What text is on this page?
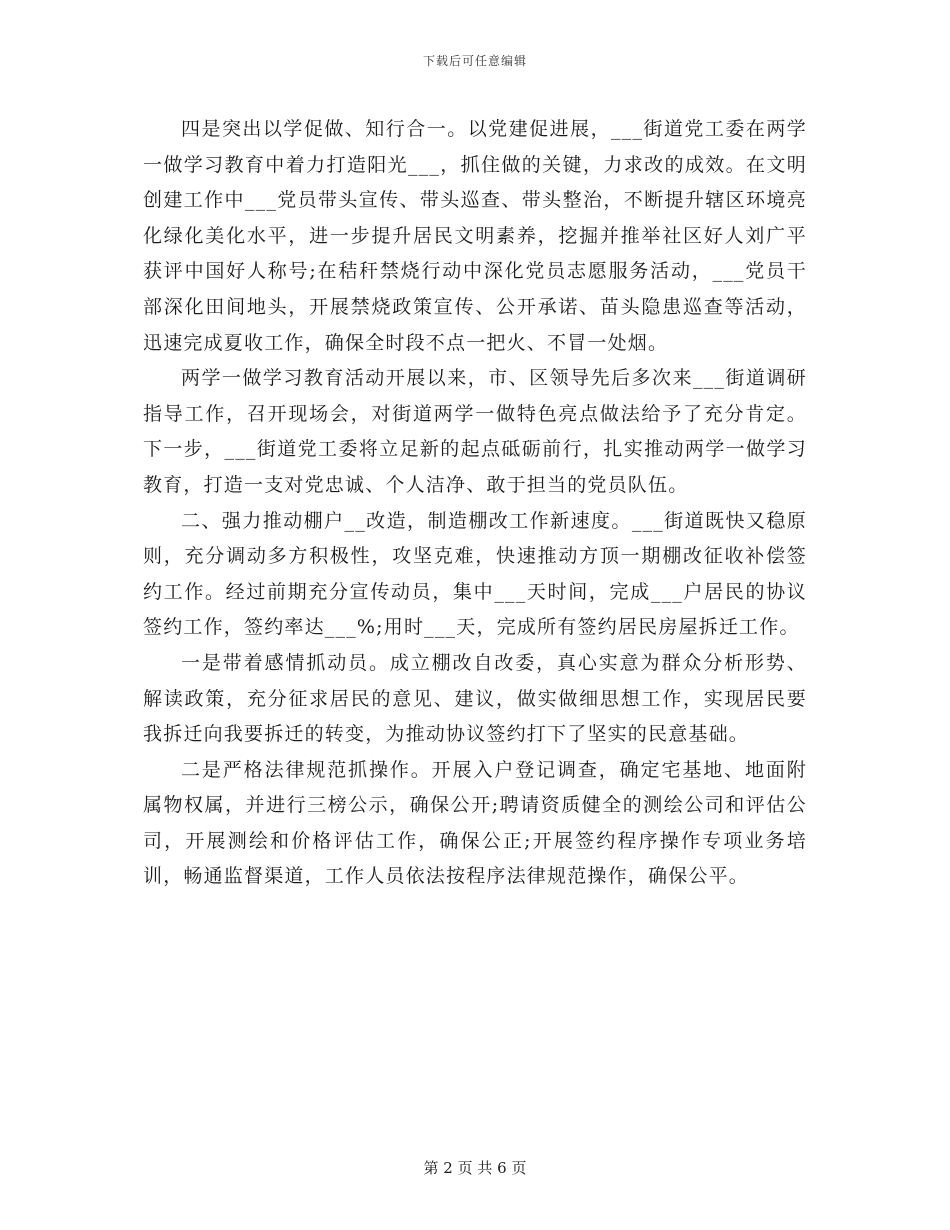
下载后可任意编辑

四是突出以学促做、知行合一。以党建促进展，___街道党工委在两学一做学习教育中着力打造阳光___，抓住做的关键，力求改的成效。在文明创建工作中___党员带头宣传、带头巡查、带头整治，不断提升辖区环境亮化绿化美化水平，进一步提升居民文明素养，挖掘并推举社区好人刘广平获评中国好人称号;在秸秆禁烧行动中深化党员志愿服务活动，___党员干部深化田间地头，开展禁烧政策宣传、公开承诺、苗头隐患巡查等活动，迅速完成夏收工作，确保全时段不点一把火、不冒一处烟。

两学一做学习教育活动开展以来，市、区领导先后多次来___街道调研指导工作，召开现场会，对街道两学一做特色亮点做法给予了充分肯定。下一步，___街道党工委将立足新的起点砥砺前行，扎实推动两学一做学习教育，打造一支对党忠诚、个人洁净、敢于担当的党员队伍。

二、强力推动棚户__改造，制造棚改工作新速度。___街道既快又稳原则，充分调动多方积极性，攻坚克难，快速推动方顶一期棚改征收补偿签约工作。经过前期充分宣传动员，集中___天时间，完成___户居民的协议签约工作，签约率达___%;用时___天，完成所有签约居民房屋拆迁工作。

一是带着感情抓动员。成立棚改自改委，真心实意为群众分析形势、解读政策，充分征求居民的意见、建议，做实做细思想工作，实现居民要我拆迁向我要拆迁的转变，为推动协议签约打下了坚实的民意基础。

二是严格法律规范抓操作。开展入户登记调查，确定宅基地、地面附属物权属，并进行三榜公示，确保公开;聘请资质健全的测绘公司和评估公司，开展测绘和价格评估工作，确保公正;开展签约程序操作专项业务培训，畅通监督渠道，工作人员依法按程序法律规范操作，确保公平。

第 2 页 共 6 页
